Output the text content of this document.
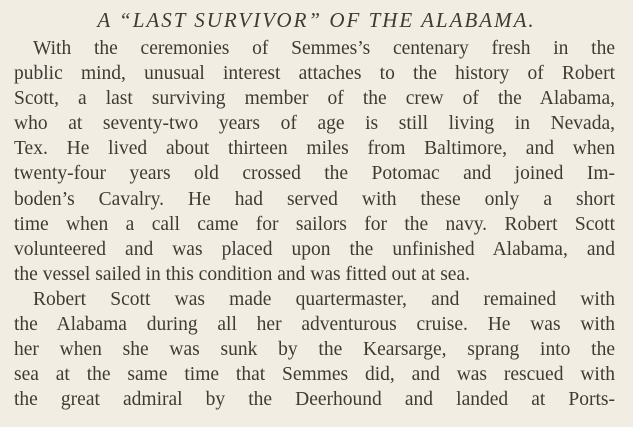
A “LAST SURVIVOR” OF THE ALABAMA.
With the ceremonies of Semmes’s centenary fresh in the
public mind, unusual interest attaches to the history of Robert
Scott, a last surviving member of the crew of the Alabama,
who at seventy-two years of age is still living in Nevada,
Tex. He lived about thirteen miles from Baltimore, and when
twenty-four years old crossed the Potomac and joined Im-
boden’s Cavalry. He had served with these only a short
time when a call came for sailors for the navy. Robert Scott
volunteered and was placed upon the unfinished Alabama, and
the vessel sailed in this condition and was fitted out at sea.
Robert Scott was made quartermaster, and remained with
the Alabama during all her adventurous cruise. He was with
her when she was sunk by the Kearsarge, sprang into the
sea at the same time that Semmes did, and was rescued with
the great admiral by the Deerhound and landed at Ports-
